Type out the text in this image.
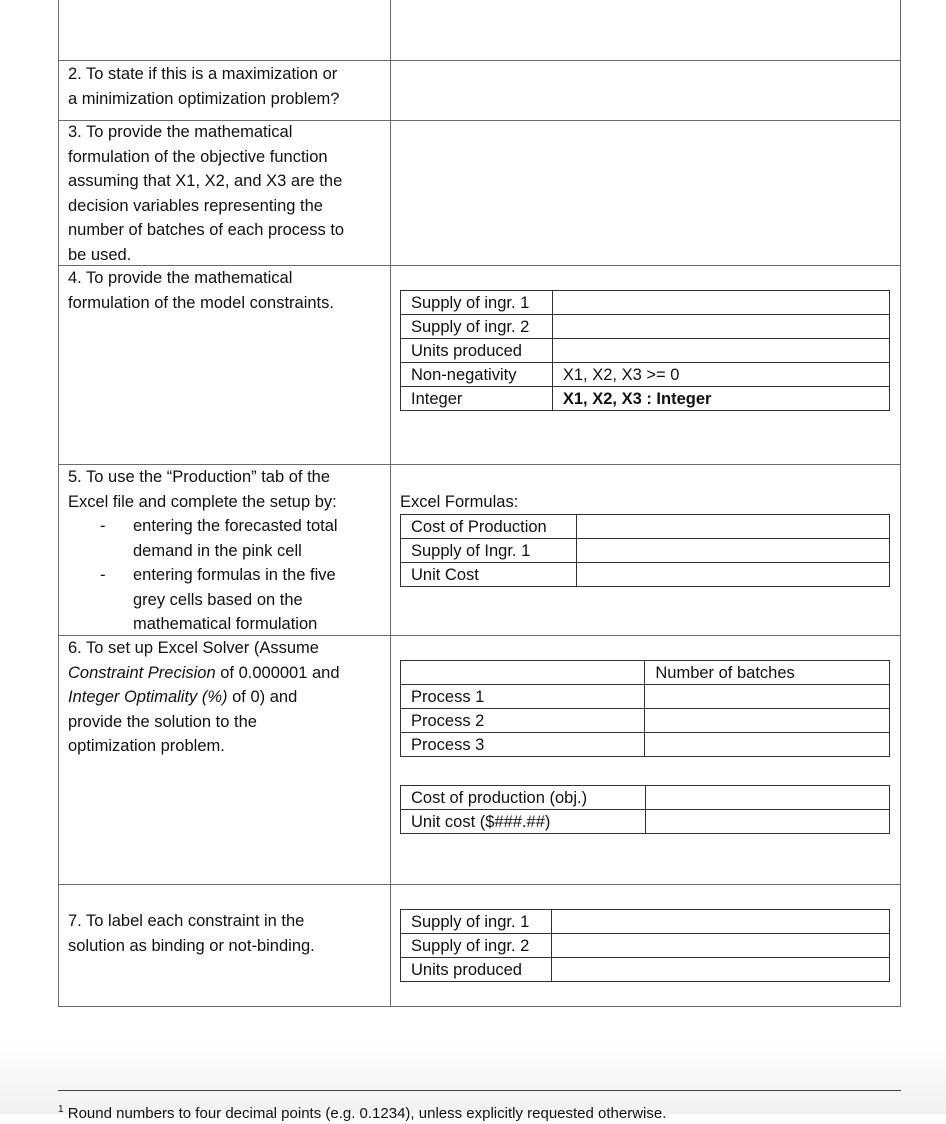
2. To state if this is a maximization or
a minimization optimization problem?
3. To provide the mathematical
formulation of the objective function
assuming that X1, X2, and X3 are the
decision variables representing the
number of batches of each process to
be used.
4. To provide the mathematical
formulation of the model constraints.	Supply of ingr. 1	
Supply of ingr. 2	
Units produced	
Non-negativity	X1, X2, X3 >= 0
Integer	X1, X2, X3 : Integer
5. To use the “Production” tab of the
Excel file and complete the setup by:
- entering the forecasted total
demand in the pink cell
- entering formulas in the five
grey cells based on the
mathematical formulation
Excel Formulas:
Cost of Production	
Supply of Ingr. 1	
Unit Cost	
6. To set up Excel Solver (Assume
Constraint Precision of 0.000001 and
Integer Optimality (%) of 0) and
provide the solution to the
optimization problem.
	Number of batches
Process 1	
Process 2	
Process 3	
Cost of production (obj.)	
Unit cost ($###.##)	
7. To label each constraint in the
solution as binding or not-binding.
Supply of ingr. 1	
Supply of ingr. 2	
Units produced	
$^1$ Round numbers to four decimal points (e.g. 0.1234), unless explicitly requested otherwise.
